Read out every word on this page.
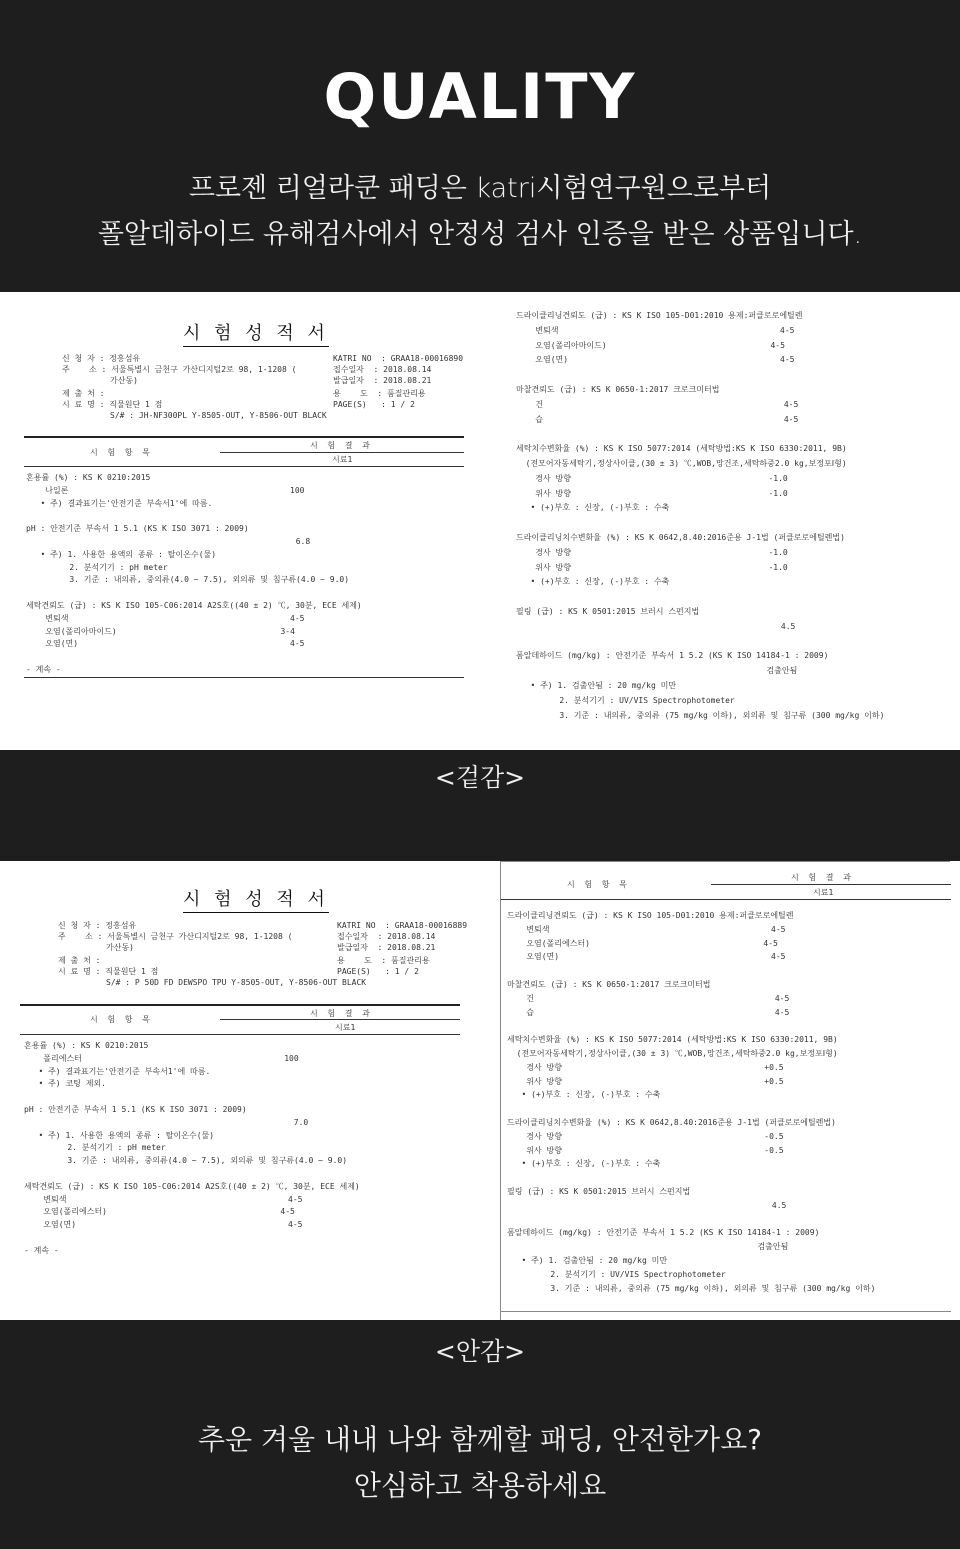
QUALITY
프로젠 리얼라쿤 패딩은 katri시험연구원으로부터
폴알데하이드 유해검사에서 안정성 검사 인증을 받은 상품입니다.
시 험 성 적 서
신 청 자 : 정흥섬유
주    소 : 서울특별시 금천구 가산디지털2로 98, 1-1208 (
가산동)
제 출 처 :
시 료 명 : 직물원단 1 점
S/# : JH-NF300PL Y-8505-OUT, Y-8506-OUT BLACK
KATRI NO  : GRAA18-00016890
접수일자  : 2018.08.14
발급일자  : 2018.08.21
용    도  : 품질관리용
PAGE(S)   : 1 / 2
시  험  결  과
시  험  항  목
시료1
혼용률 (%) : KS K 0210:2015
나일론                                              100
• 주) 결과표기는'안전기준 부속서1'에 따름.
pH : 안전기준 부속서 1 5.1 (KS K ISO 3071 : 2009)
6.8
• 주) 1. 사용한 용액의 종류 : 탈이온수(물)
2. 분석기기 : pH meter
3. 기준 : 내의류, 중의류(4.0 ~ 7.5), 외의류 및 침구류(4.0 ~ 9.0)
세탁견뢰도 (급) : KS K ISO 105-C06:2014 A2S호((40 ± 2) ℃, 30분, ECE 세제)
변퇴색                                              4-5
오염(폴리아마이드)                                  3-4
오염(면)                                            4-5
- 계속 -
드라이클리닝견뢰도 (급) : KS K ISO 105-D01:2010 용제:퍼클로로에틸렌
변퇴색                                              4-5
오염(폴리아마이드)                                  4-5
오염(면)                                            4-5
마찰견뢰도 (급) : KS K 0650-1:2017 크로크미터법
건                                                  4-5
습                                                  4-5
세탁치수변화율 (%) : KS K ISO 5077:2014 (세탁방법:KS K ISO 6330:2011, 9B)
(전모어자동세탁기,정상사이클,(30 ± 3) ℃,WOB,망건조,세탁하중2.0 kg,보정포Ⅰ형)
경사 방향                                         -1.0
위사 방향                                         -1.0
• (+)부호 : 신장, (-)부호 : 수축
드라이클리닝치수변화율 (%) : KS K 0642,8.40:2016준용 J-1법 (퍼클로로에틸렌법)
경사 방향                                         -1.0
위사 방향                                         -1.0
• (+)부호 : 신장, (-)부호 : 수축
필링 (급) : KS K 0501:2015 브러시 스펀지법
4.5
폼알데하이드 (mg/kg) : 안전기준 부속서 1 5.2 (KS K ISO 14184-1 : 2009)
검출안됨
• 주) 1. 검출안됨 : 20 mg/kg 미만
2. 분석기기 : UV/VIS Spectrophotometer
3. 기준 : 내의류, 중의류 (75 mg/kg 이하), 외의류 및 침구류 (300 mg/kg 이하)
<겉감>
시 험 성 적 서
신 청 자 : 정흥섬유
주    소 : 서울특별시 금천구 가산디지털2로 98, 1-1208 (
가산동)
제 출 처 :
시 료 명 : 직물원단 1 점
S/# : P 50D FD DEWSPO TPU Y-8505-OUT, Y-8506-OUT BLACK
KATRI NO  : GRAA18-00016889
접수일자  : 2018.08.14
발급일자  : 2018.08.21
용    도  : 품질관리용
PAGE(S)   : 1 / 2
시  험  결  과
시  험  항  목
시료1
혼용률 (%) : KS K 0210:2015
폴리에스터                                          100
• 주) 결과표기는'안전기준 부속서1'에 따름.
• 주) 코팅 제외.
pH : 안전기준 부속서 1 5.1 (KS K ISO 3071 : 2009)
7.0
• 주) 1. 사용한 용액의 종류 : 탈이온수(물)
2. 분석기기 : pH meter
3. 기준 : 내의류, 중의류(4.0 ~ 7.5), 외의류 및 침구류(4.0 ~ 9.0)
세탁견뢰도 (급) : KS K ISO 105-C06:2014 A2S호((40 ± 2) ℃, 30분, ECE 세제)
변퇴색                                              4-5
오염(폴리에스터)                                    4-5
오염(면)                                            4-5
- 계속 -
시  험  결  과
시  험  항  목
시료1
드라이클리닝견뢰도 (급) : KS K ISO 105-D01:2010 용제:퍼클로로에틸렌
변퇴색                                              4-5
오염(폴리에스터)                                    4-5
오염(면)                                            4-5
마찰견뢰도 (급) : KS K 0650-1:2017 크로크미터법
건                                                  4-5
습                                                  4-5
세탁치수변화율 (%) : KS K ISO 5077:2014 (세탁방법:KS K ISO 6330:2011, 9B)
(전모어자동세탁기,정상사이클,(30 ± 3) ℃,WOB,망건조,세탁하중2.0 kg,보정포Ⅰ형)
경사 방향                                          +0.5
위사 방향                                          +0.5
• (+)부호 : 신장, (-)부호 : 수축
드라이클리닝치수변화율 (%) : KS K 0642,8.40:2016준용 J-1법 (퍼클로로에틸렌법)
경사 방향                                          -0.5
위사 방향                                          -0.5
• (+)부호 : 신장, (-)부호 : 수축
필링 (급) : KS K 0501:2015 브러시 스펀지법
4.5
폼알데하이드 (mg/kg) : 안전기준 부속서 1 5.2 (KS K ISO 14184-1 : 2009)
검출안됨
• 주) 1. 검출안됨 : 20 mg/kg 미만
2. 분석기기 : UV/VIS Spectrophotometer
3. 기준 : 내의류, 중의류 (75 mg/kg 이하), 외의류 및 침구류 (300 mg/kg 이하)
<안감>
추운 겨울 내내 나와 함께할 패딩, 안전한가요?
안심하고 착용하세요
